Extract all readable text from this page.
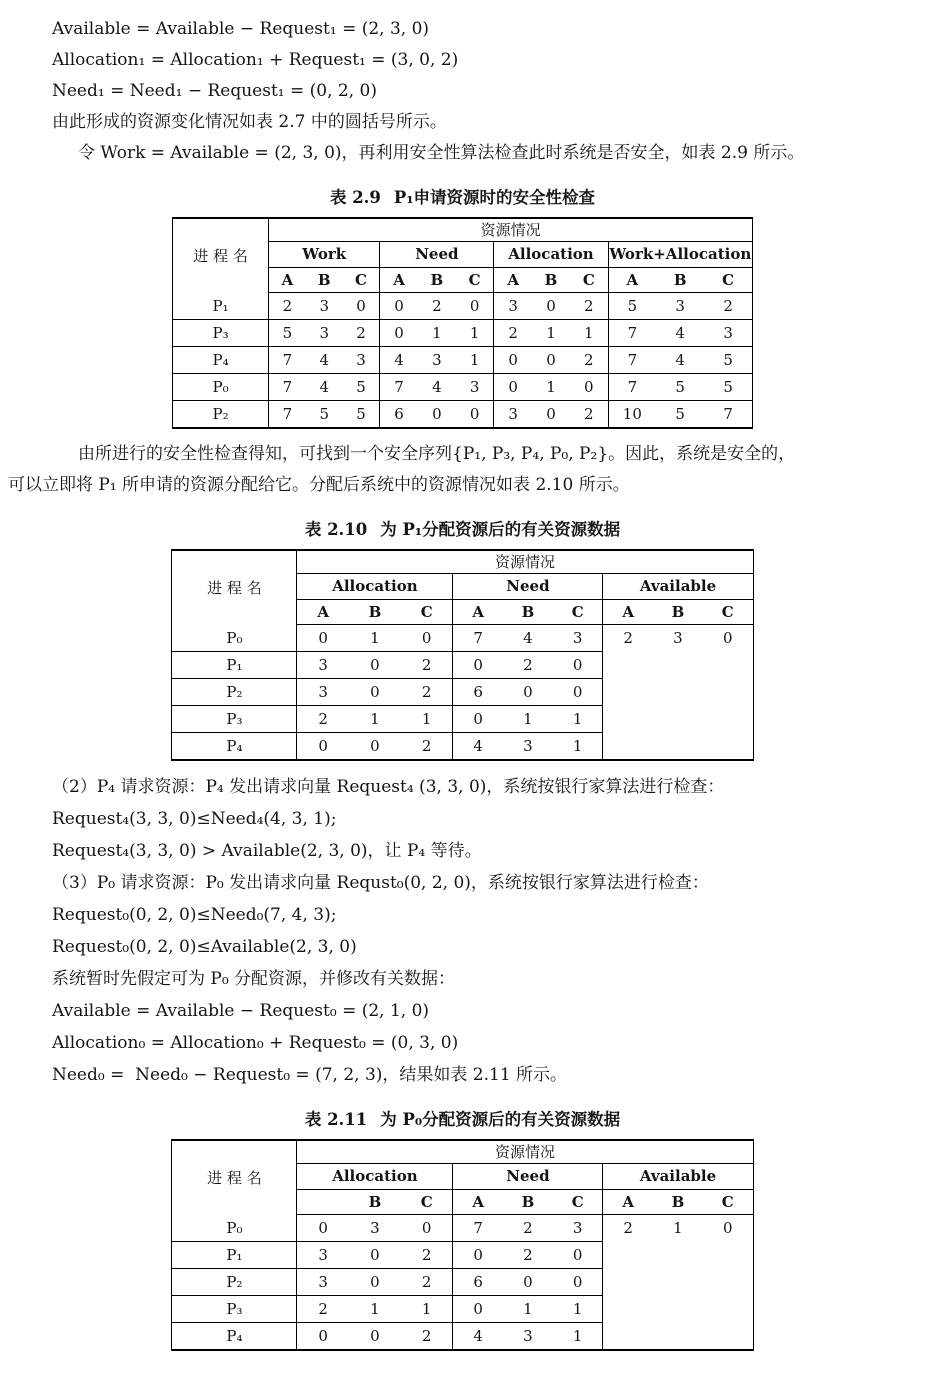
Available = Available − Request₁ = (2, 3, 0)

Allocation₁ = Allocation₁ + Request₁ = (3, 0, 2)

Need₁ = Need₁ − Request₁ = (0, 2, 0)

由此形成的资源变化情况如表 2.7 中的圆括号所示。

令 Work = Available = (2, 3, 0)，再利用安全性算法检查此时系统是否安全，如表 2.9 所示。

表 2.9 P₁申请资源时的安全性检查

进 程 名	资源情况											
	Work			Need			Allocation			Work+Allocation		
	A	B	C	A	B	C	A	B	C	A	B	C
P₁	2	3	0	0	2	0	3	0	2	5	3	2
P₃	5	3	2	0	1	1	2	1	1	7	4	3
P₄	7	4	3	4	3	1	0	0	2	7	4	5
P₀	7	4	5	7	4	3	0	1	0	7	5	5
P₂	7	5	5	6	0	0	3	0	2	10	5	7

由所进行的安全性检查得知，可找到一个安全序列{P₁, P₃, P₄, P₀, P₂}。因此，系统是安全的，

可以立即将 P₁ 所申请的资源分配给它。分配后系统中的资源情况如表 2.10 所示。

表 2.10 为 P₁分配资源后的有关资源数据

进 程 名	资源情况								
	Allocation			Need			Available		
	A	B	C	A	B	C	A	B	C
P₀	0	1	0	7	4	3	2	3	0
P₁	3	0	2	0	2	0			
P₂	3	0	2	6	0	0			
P₃	2	1	1	0	1	1			
P₄	0	0	2	4	3	1			

（2）P₄ 请求资源：P₄ 发出请求向量 Request₄ (3, 3, 0)，系统按银行家算法进行检查：

Request₄(3, 3, 0)≤Need₄(4, 3, 1);

Request₄(3, 3, 0) > Available(2, 3, 0)，让 P₄ 等待。

（3）P₀ 请求资源：P₀ 发出请求向量 Requst₀(0, 2, 0)，系统按银行家算法进行检查：

Request₀(0, 2, 0)≤Need₀(7, 4, 3);

Request₀(0, 2, 0)≤Available(2, 3, 0)

系统暂时先假定可为 P₀ 分配资源，并修改有关数据：

Available = Available − Request₀ = (2, 1, 0)

Allocation₀ = Allocation₀ + Request₀ = (0, 3, 0)

Need₀ =  Need₀ − Request₀ = (7, 2, 3)，结果如表 2.11 所示。

表 2.11 为 P₀分配资源后的有关资源数据

进 程 名	资源情况								
	Allocation			Need			Available		
		B	C	A	B	C	A	B	C
P₀	0	3	0	7	2	3	2	1	0
P₁	3	0	2	0	2	0			
P₂	3	0	2	6	0	0			
P₃	2	1	1	0	1	1			
P₄	0	0	2	4	3	1			
